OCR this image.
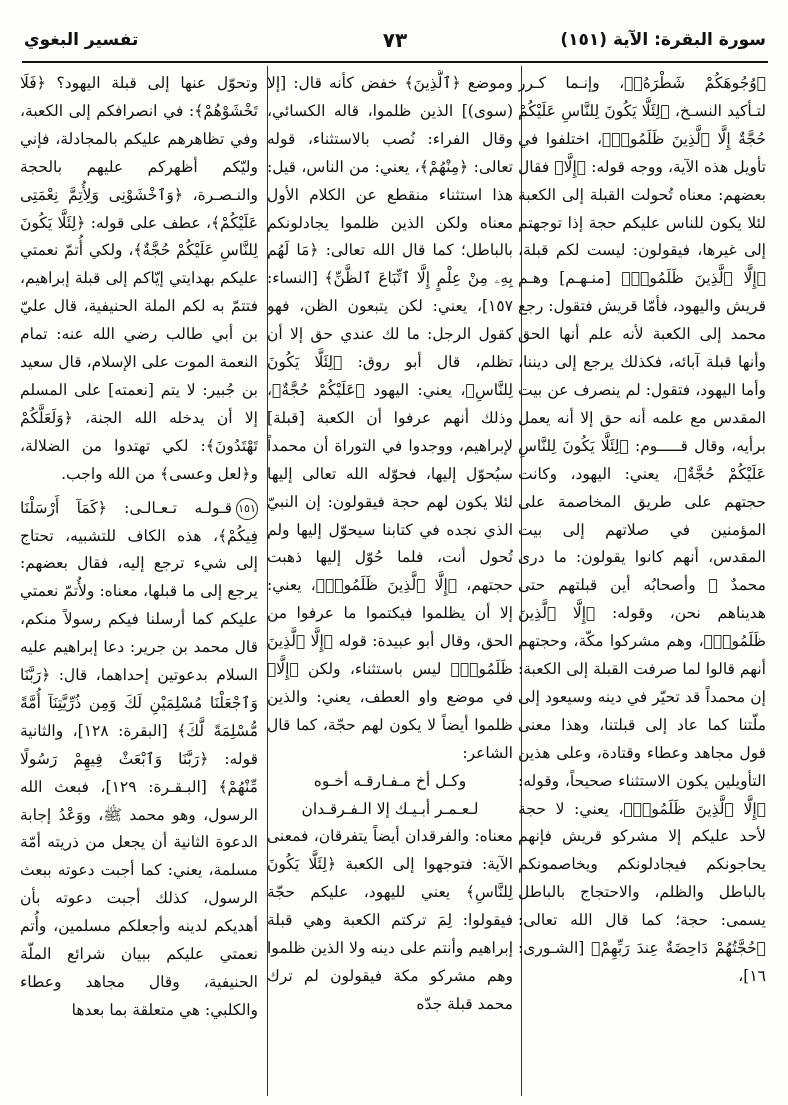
سورة البقرة: الآية (١٥١)
٧٣
تفسير البغوي

﴿وُجُوهَكُمْ شَطْرَهُۥ﴾، وإنـما كـرر لتـأكيد النسـخ، ﴿لِئَلَّا يَكُونَ لِلنَّاسِ عَلَيْكُمْ حُجَّةٌ إِلَّا ٱلَّذِينَ ظَلَمُوا۟﴾، اختلفوا في تأويل هذه الآية، ووجه قوله: ﴿إِلَّا﴾ فقال بعضهم: معناه تُحولت القبلة إلى الكعبة لئلا يكون للناس عليكم حجة إذا توجهتم إلى غيرها، فيقولون: ليست لكم قبلة، ﴿إِلَّا ٱلَّذِينَ ظَلَمُوا۟﴾ [منـهـم] وهـم قريش واليهود، فأمّا قريش فتقول: رجع محمد إلى الكعبة لأنه علم أنها الحق وأنها قبلة آبائه، فكذلك يرجع إلى ديننا، وأما اليهود، فتقول: لم ينصرف عن بيت المقدس مع علمه أنه حق إلا أنه يعمل برأيه، وقال قـــــوم: ﴿لِئَلَّا يَكُونَ لِلنَّاسِ عَلَيْكُمْ حُجَّةٌ﴾، يعني: اليهود، وكانت حجتهم على طريق المخاصمة على المؤمنين في صلاتهم إلى بيت المقدس، أنهم كانوا يقولون: ما درى محمدٌ ﷺ وأصحابُه أين قبلتهم حتى هديناهم نحن، وقوله: ﴿إِلَّا ٱلَّذِينَ ظَلَمُوا۟﴾، وهم مشركوا مكّة، وحجتهم أنهم قالوا لما صرفت القبلة إلى الكعبة: إن محمداً قد تحيّر في دينه وسيعود إلى ملّتنا كما عاد إلى قبلتنا، وهذا معنى قول مجاهد وعطاء وقتادة، وعلى هذين التأويلين يكون الاستثناء صحيحاً، وقوله: ﴿إِلَّا ٱلَّذِينَ ظَلَمُوا۟﴾، يعني: لا حجة لأحد عليكم إلا مشركو قريش فإنهم يحاجونكم فيجادلونكم ويخاصمونكم بالباطل والظلم، والاحتجاج بالباطل يسمى: حجة؛ كما قال الله تعالى: ﴿حُجَّتُهُمْ دَاحِضَةٌ عِندَ رَبِّهِمْ﴾ [الشـورى: ١٦]،

وموضع ﴿ٱلَّذِينَ﴾ خفض كأنه قال: [إلا (سوى)] الذين ظلموا، قاله الكسائي، وقال الفراء: نُصب بالاستثناء، قوله تعالى: ﴿مِنْهُمْ﴾، يعني: من الناس، قيل: هذا استثناء منقطع عن الكلام الأول معناه ولكن الذين ظلموا يجادلونكم بالباطل؛ كما قال الله تعالى: ﴿مَا لَهُم بِهِۦ مِنْ عِلْمٍ إِلَّا ٱتِّبَاعَ ٱلظَّنِّ﴾ [النساء: ١٥٧]، يعني: لكن يتبعون الظن، فهو كقول الرجل: ما لك عندي حق إلا أن تظلم، قال أبو روق: ﴿لِئَلَّا يَكُونَ لِلنَّاسِ﴾، يعني: اليهود ﴿عَلَيْكُمْ حُجَّةٌ﴾، وذلك أنهم عرفوا أن الكعبة [قبلة] لإبراهيم، ووجدوا في التوراة أن محمداً سيُحوّل إليها، فحوّله الله تعالى إليها لئلا يكون لهم حجة فيقولون: إن النبيّ الذي نجده في كتابنا سيحوّل إليها ولم تُحول أنت، فلما حُوّل إليها ذهبت حجتهم، ﴿إِلَّا ٱلَّذِينَ ظَلَمُوا۟﴾، يعني: إلا أن يظلموا فيكتموا ما عرفوا من الحق، وقال أبو عبيدة: قوله ﴿إِلَّا ٱلَّذِينَ ظَلَمُوا۟﴾ ليس باستثناء، ولكن ﴿إِلَّا﴾ في موضع واو العطف، يعني: والذين ظلموا أيضاً لا يكون لهم حجّة، كما قال الشاعر:

وكـل أخ مـفـارقـه أخـوه
لـعـمـر أبـيـك إلا الـفـرقـدان

معناه: والفرقدان أيضاً يتفرقان، فمعنى الآية: فتوجهوا إلى الكعبة ﴿لِئَلَّا يَكُونَ لِلنَّاسِ﴾ يعني لليهود، عليكم حجّة فيقولوا: لِمَ تركتم الكعبة وهي قبلة إبراهيم وأنتم على دينه ولا الذين ظلموا وهم مشركو مكة فيقولون لم ترك محمد قبلة جدّه

وتحوّل عنها إلى قبلة اليهود؟ ﴿فَلَا تَخْشَوْهُمْ﴾: في انصرافكم إلى الكعبة، وفي تظاهرهم عليكم بالمجادلة، فإني وليّكم أظهركم عليهم بالحجة والنـصـرة، ﴿وَٱخْشَوْنِى وَلِأُتِمَّ نِعْمَتِى عَلَيْكُمْ﴾، عطف على قوله: ﴿لِئَلَّا يَكُونَ لِلنَّاسِ عَلَيْكُمْ حُجَّةٌ﴾، ولكي أُتمّ نعمتي عليكم بهدايتي إيّاكم إلى قبلة إبراهيم، فتتمّ به لكم الملة الحنيفية، قال عليّ بن أبي طالب رضي الله عنه: تمام النعمة الموت على الإسلام، قال سعيد بن جُبير: لا يتم [نعمته] على المسلم إلا أن يدخله الله الجنة، ﴿وَلَعَلَّكُمْ تَهْتَدُونَ﴾: لكي تهتدوا من الضلالة، و﴿لعل وعسى﴾ من الله واجب.

١٥١قـولـه تـعـالـى: ﴿كَمَآ أَرْسَلْنَا فِيكُمْ﴾، هذه الكاف للتشبيه، تحتاج إلى شيء ترجع إليه، فقال بعضهم: يرجع إلى ما قبلها، معناه: ولأُتمّ نعمتي عليكم كما أرسلنا فيكم رسولاً منكم، قال محمد بن جرير: دعا إبراهيم عليه السلام بدعوتين إحداهما، قال: ﴿رَبَّنَا وَٱجْعَلْنَا مُسْلِمَيْنِ لَكَ وَمِن ذُرِّيَّتِنَآ أُمَّةً مُّسْلِمَةً لَّكَ﴾ [البقرة: ١٢٨]، والثانية قوله: ﴿رَبَّنَا وَٱبْعَثْ فِيهِمْ رَسُولًا مِّنْهُمْ﴾ [البـقـرة: ١٢٩]، فبعث الله الرسول، وهو محمد ﷺ، ووَعْدُ إجابة الدعوة الثانية أن يجعل من ذريته أمّة مسلمة، يعني: كما أجبت دعوته ببعث الرسول، كذلك أجبت دعوته بأن أهديكم لدينه وأجعلكم مسلمين، وأُتم نعمتي عليكم ببيان شرائع الملّة الحنيفية، وقال مجاهد وعطاء والكلبي: هي متعلقة بما بعدها
